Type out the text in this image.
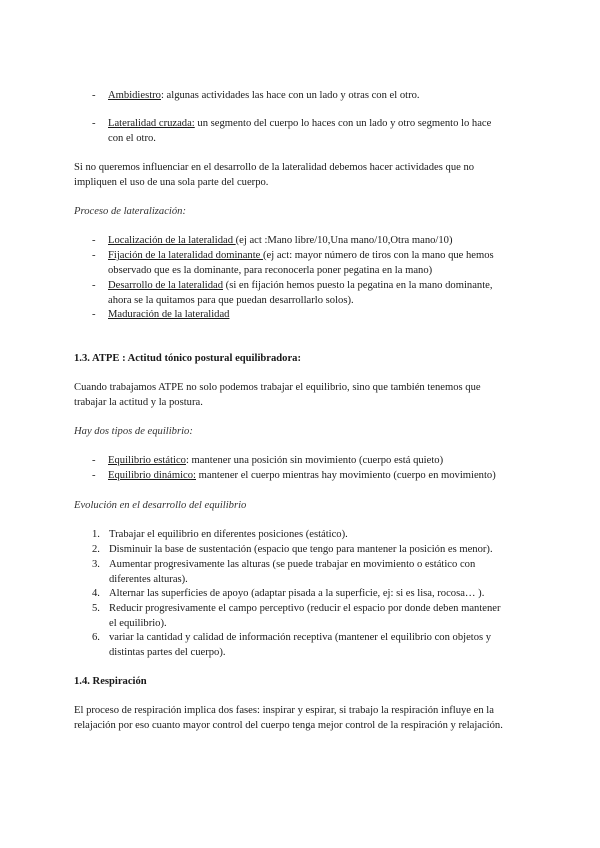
- Ambidiestro: algunas actividades las hace con un lado y otras con el otro.
- Lateralidad cruzada: un segmento del cuerpo lo haces con un lado y otro segmento lo hace
con el otro.
Si no queremos influenciar en el desarrollo de la lateralidad debemos hacer actividades que no
impliquen el uso de una sola parte del cuerpo.
Proceso de lateralización:
- Localización de la lateralidad (ej act :Mano libre/10,Una mano/10,Otra mano/10)
- Fijación de la lateralidad dominante (ej act: mayor número de tiros con la mano que hemos
observado que es la dominante, para reconocerla poner pegatina en la mano)
- Desarrollo de la lateralidad (si en fijación hemos puesto la pegatina en la mano dominante,
ahora se la quitamos para que puedan desarrollarlo solos).
- Maduración de la lateralidad
1.3. ATPE : Actitud tónico postural equilibradora:
Cuando trabajamos ATPE no solo podemos trabajar el equilibrio, sino que también tenemos que
trabajar la actitud y la postura.
Hay dos tipos de equilibrio:
- Equilibrio estático: mantener una posición sin movimiento (cuerpo está quieto)
- Equilibrio dinámico: mantener el cuerpo mientras hay movimiento (cuerpo en movimiento)
Evolución en el desarrollo del equilibrio
1. Trabajar el equilibrio en diferentes posiciones (estático).
2. Disminuir la base de sustentación (espacio que tengo para mantener la posición es menor).
3. Aumentar progresivamente las alturas (se puede trabajar en movimiento o estático con
diferentes alturas).
4. Alternar las superficies de apoyo (adaptar pisada a la superficie, ej: si es lisa, rocosa… ).
5. Reducir progresivamente el campo perceptivo (reducir el espacio por donde deben mantener
el equilibrio).
6. variar la cantidad y calidad de información receptiva (mantener el equilibrio con objetos y
distintas partes del cuerpo).
1.4. Respiración
El proceso de respiración implica dos fases: inspirar y espirar, si trabajo la respiración influye en la
relajación por eso cuanto mayor control del cuerpo tenga mejor control de la respiración y relajación.
